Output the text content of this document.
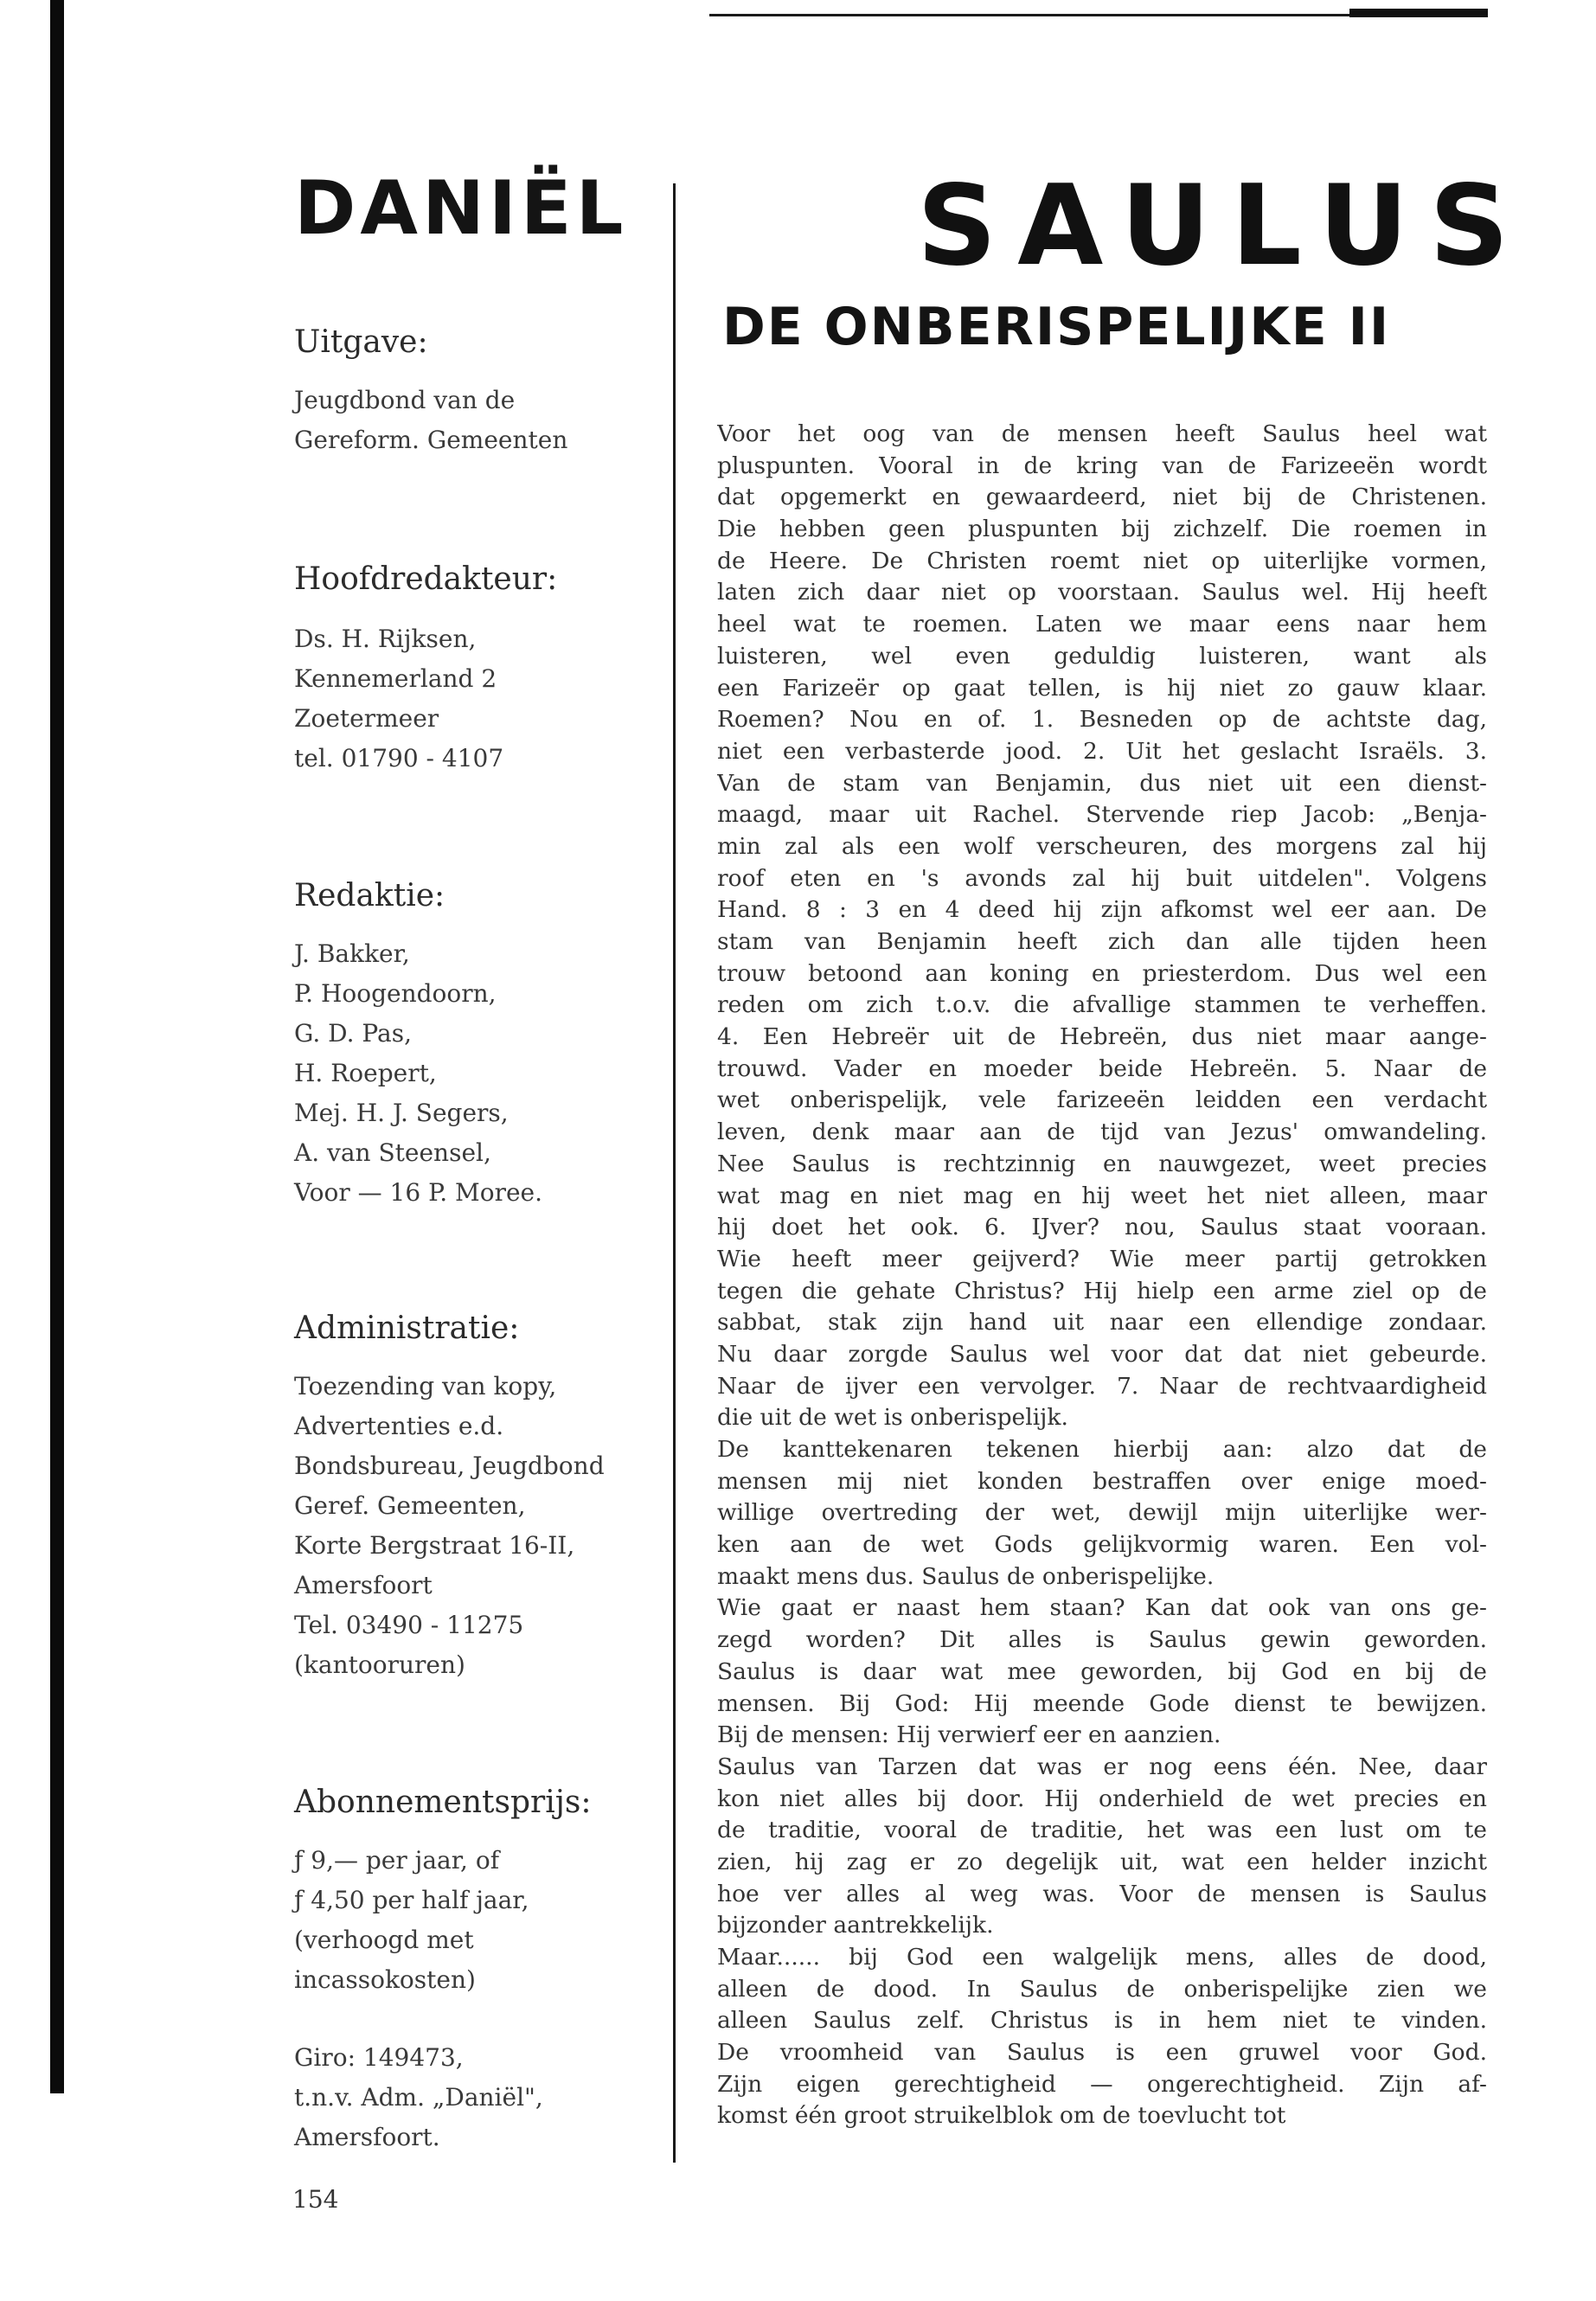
DANIËL
Uitgave:
Jeugdbond van de
Gereform. Gemeenten
Hoofdredakteur:
Ds. H. Rijksen,
Kennemerland 2
Zoetermeer
tel. 01790 - 4107
Redaktie:
J. Bakker,
P. Hoogendoorn,
G. D. Pas,
H. Roepert,
Mej. H. J. Segers,
A. van Steensel,
Voor — 16 P. Moree.
Administratie:
Toezending van kopy,
Advertenties e.d.
Bondsbureau, Jeugdbond
Geref. Gemeenten,
Korte Bergstraat 16-II,
Amersfoort
Tel. 03490 - 11275
(kantooruren)
Abonnementsprijs:
ƒ 9,— per jaar, of
ƒ 4,50 per half jaar,
(verhoogd met
incassokosten)
Giro: 149473,
t.n.v. Adm. „Daniël",
Amersfoort.
SAULUS
DE ONBERISPELIJKE II
Voor het oog van de mensen heeft Saulus heel wat
pluspunten. Vooral in de kring van de Farizeeën wordt
dat opgemerkt en gewaardeerd, niet bij de Christenen.
Die hebben geen pluspunten bij zichzelf. Die roemen in
de Heere. De Christen roemt niet op uiterlijke vormen,
laten zich daar niet op voorstaan. Saulus wel. Hij heeft
heel wat te roemen. Laten we maar eens naar hem
luisteren, wel even geduldig luisteren, want als
een Farizeër op gaat tellen, is hij niet zo gauw klaar.
Roemen? Nou en of. 1. Besneden op de achtste dag,
niet een verbasterde jood. 2. Uit het geslacht Israëls. 3.
Van de stam van Benjamin, dus niet uit een dienst-
maagd, maar uit Rachel. Stervende riep Jacob: „Benja-
min zal als een wolf verscheuren, des morgens zal hij
roof eten en 's avonds zal hij buit uitdelen". Volgens
Hand. 8 : 3 en 4 deed hij zijn afkomst wel eer aan. De
stam van Benjamin heeft zich dan alle tijden heen
trouw betoond aan koning en priesterdom. Dus wel een
reden om zich t.o.v. die afvallige stammen te verheffen.
4. Een Hebreër uit de Hebreën, dus niet maar aange-
trouwd. Vader en moeder beide Hebreën. 5. Naar de
wet onberispelijk, vele farizeeën leidden een verdacht
leven, denk maar aan de tijd van Jezus' omwandeling.
Nee Saulus is rechtzinnig en nauwgezet, weet precies
wat mag en niet mag en hij weet het niet alleen, maar
hij doet het ook. 6. IJver? nou, Saulus staat vooraan.
Wie heeft meer geijverd? Wie meer partij getrokken
tegen die gehate Christus? Hij hielp een arme ziel op de
sabbat, stak zijn hand uit naar een ellendige zondaar.
Nu daar zorgde Saulus wel voor dat dat niet gebeurde.
Naar de ijver een vervolger. 7. Naar de rechtvaardigheid
die uit de wet is onberispelijk.
De kanttekenaren tekenen hierbij aan: alzo dat de
mensen mij niet konden bestraffen over enige moed-
willige overtreding der wet, dewijl mijn uiterlijke wer-
ken aan de wet Gods gelijkvormig waren. Een vol-
maakt mens dus. Saulus de onberispelijke.
Wie gaat er naast hem staan? Kan dat ook van ons ge-
zegd worden? Dit alles is Saulus gewin geworden.
Saulus is daar wat mee geworden, bij God en bij de
mensen. Bij God: Hij meende Gode dienst te bewijzen.
Bij de mensen: Hij verwierf eer en aanzien.
Saulus van Tarzen dat was er nog eens één. Nee, daar
kon niet alles bij door. Hij onderhield de wet precies en
de traditie, vooral de traditie, het was een lust om te
zien, hij zag er zo degelijk uit, wat een helder inzicht
hoe ver alles al weg was. Voor de mensen is Saulus
bijzonder aantrekkelijk.
Maar...... bij God een walgelijk mens, alles de dood,
alleen de dood. In Saulus de onberispelijke zien we
alleen Saulus zelf. Christus is in hem niet te vinden.
De vroomheid van Saulus is een gruwel voor God.
Zijn eigen gerechtigheid — ongerechtigheid. Zijn af-
komst één groot struikelblok om de toevlucht tot
154
